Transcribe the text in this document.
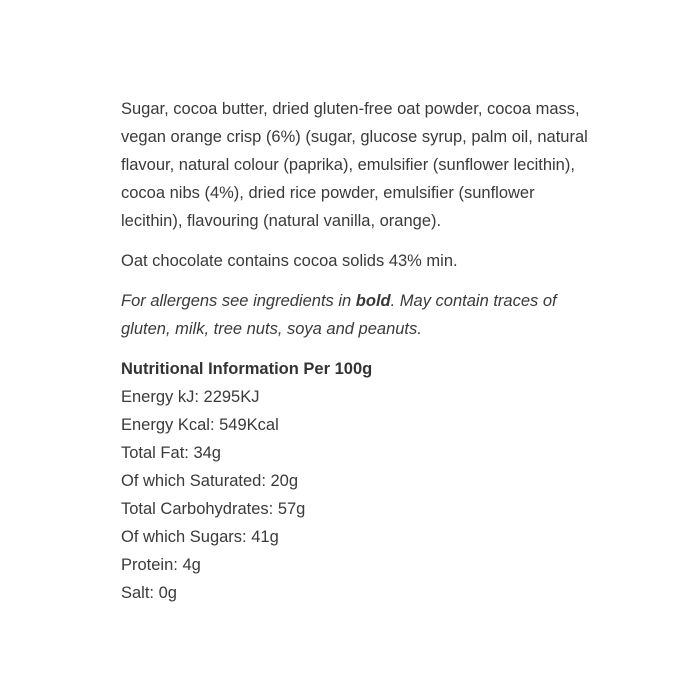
Sugar, cocoa butter, dried gluten-free oat powder, cocoa mass, vegan orange crisp (6%) (sugar, glucose syrup, palm oil, natural flavour, natural colour (paprika), emulsifier (sunflower lecithin), cocoa nibs (4%), dried rice powder, emulsifier (sunflower lecithin), flavouring (natural vanilla, orange).

Oat chocolate contains cocoa solids 43% min.

For allergens see ingredients in bold. May contain traces of gluten, milk, tree nuts, soya and peanuts.

Nutritional Information Per 100g
Energy kJ: 2295KJ
Energy Kcal: 549Kcal
Total Fat: 34g
Of which Saturated: 20g
Total Carbohydrates: 57g
Of which Sugars: 41g
Protein: 4g
Salt: 0g
